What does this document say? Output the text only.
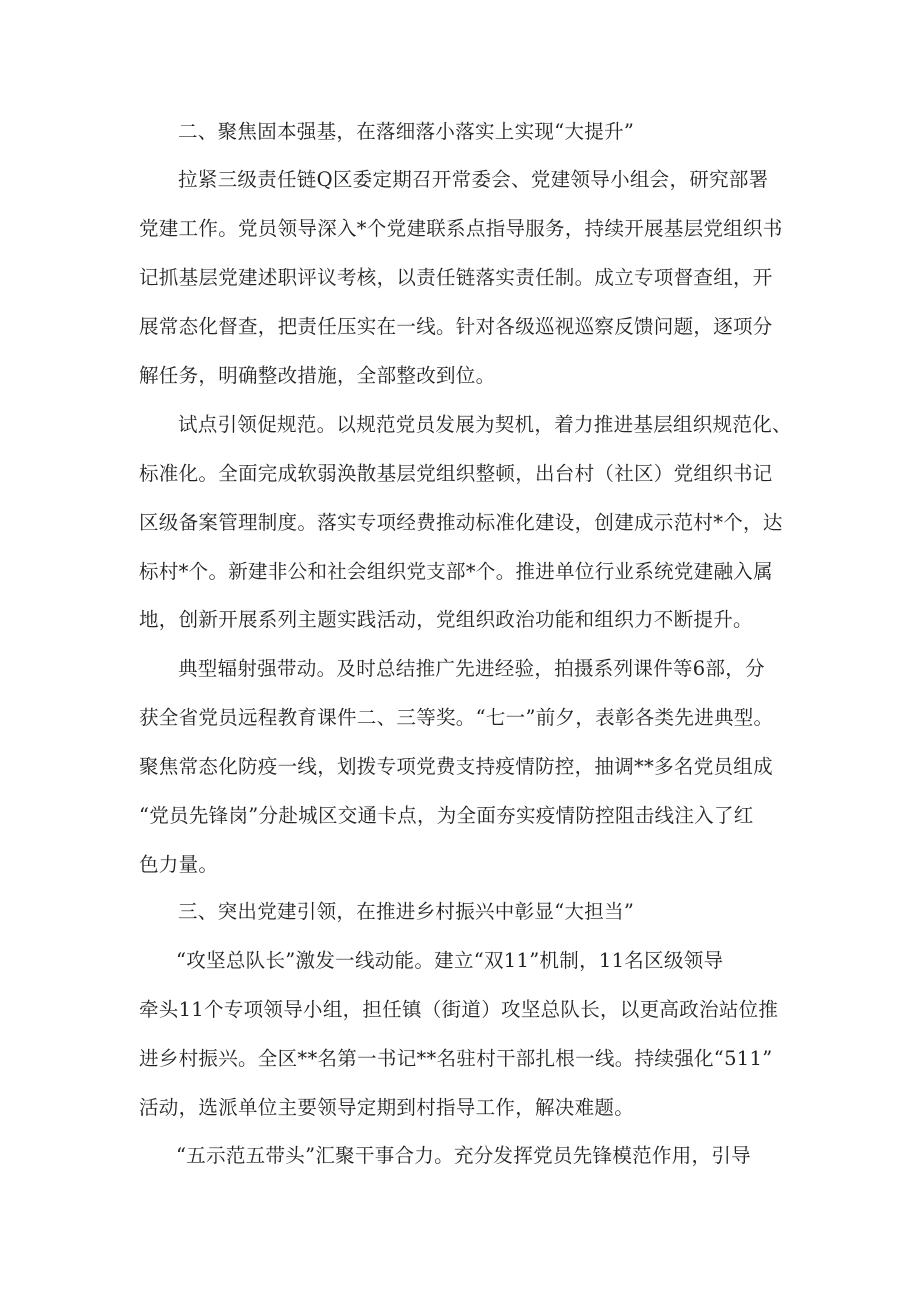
二、聚焦固本强基，在落细落小落实上实现“大提升”
拉紧三级责任链Q区委定期召开常委会、党建领导小组会，研究部署
党建工作。党员领导深入*个党建联系点指导服务，持续开展基层党组织书
记抓基层党建述职评议考核，以责任链落实责任制。成立专项督查组，开
展常态化督查，把责任压实在一线。针对各级巡视巡察反馈问题，逐项分
解任务，明确整改措施，全部整改到位。
试点引领促规范。以规范党员发展为契机，着力推进基层组织规范化、
标准化。全面完成软弱涣散基层党组织整顿，出台村（社区）党组织书记
区级备案管理制度。落实专项经费推动标准化建设，创建成示范村*个，达
标村*个。新建非公和社会组织党支部*个。推进单位行业系统党建融入属
地，创新开展系列主题实践活动，党组织政治功能和组织力不断提升。
典型辐射强带动。及时总结推广先进经验，拍摄系列课件等6部，分
获全省党员远程教育课件二、三等奖。“七一”前夕，表彰各类先进典型。
聚焦常态化防疫一线，划拨专项党费支持疫情防控，抽调**多名党员组成
“党员先锋岗”分赴城区交通卡点，为全面夯实疫情防控阻击线注入了红
色力量。
三、突出党建引领，在推进乡村振兴中彰显“大担当”
“攻坚总队长”激发一线动能。建立“双11”机制，11名区级领导
牵头11个专项领导小组，担任镇（街道）攻坚总队长，以更高政治站位推
进乡村振兴。全区**名第一书记**名驻村干部扎根一线。持续强化“511”
活动，选派单位主要领导定期到村指导工作，解决难题。
“五示范五带头”汇聚干事合力。充分发挥党员先锋模范作用，引导
